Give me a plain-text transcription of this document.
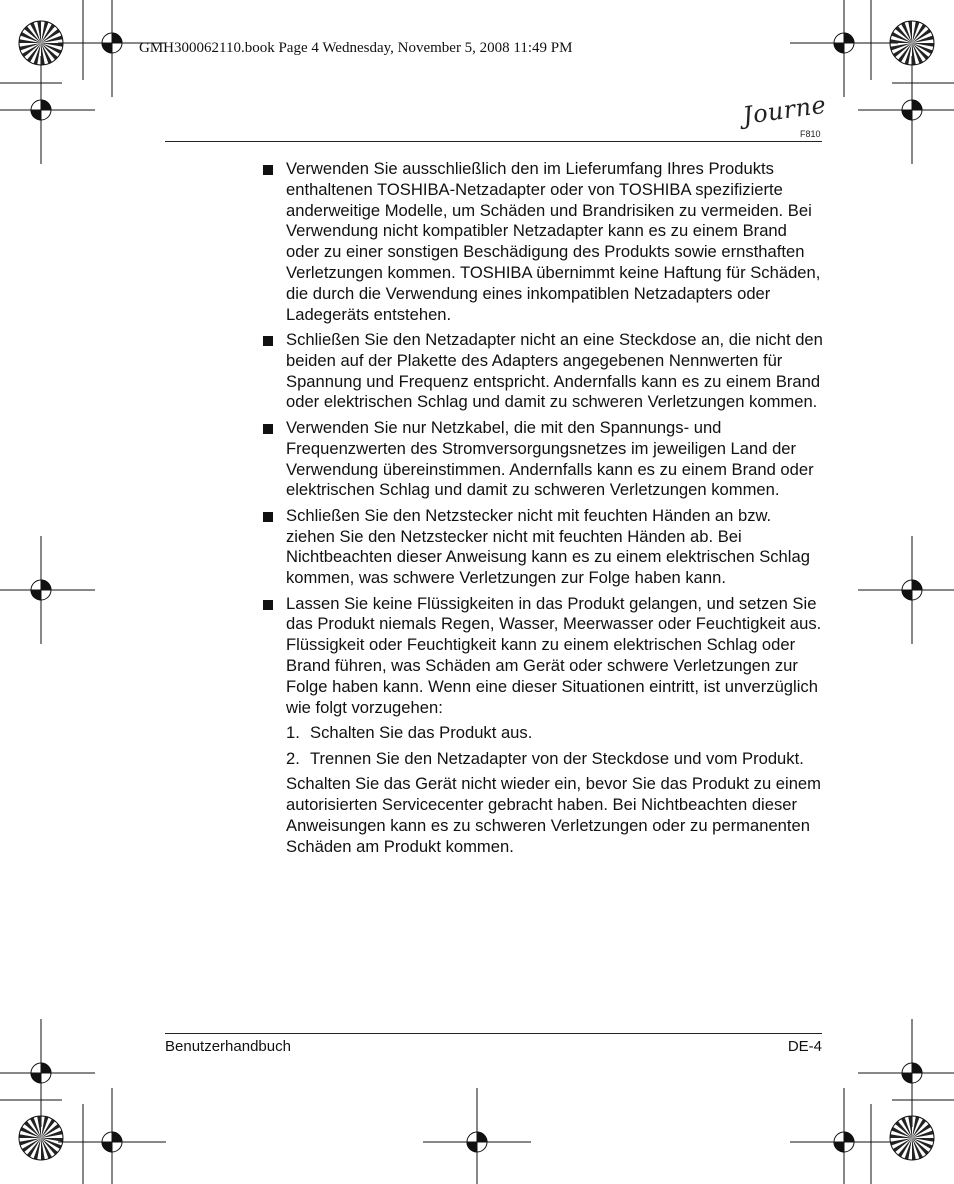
GMH300062110.book Page 4 Wednesday, November 5, 2008 11:49 PM
Journe
F810

Verwenden Sie ausschließlich den im Lieferumfang Ihres Produkts enthaltenen TOSHIBA-Netzadapter oder von TOSHIBA spezifizierte anderweitige Modelle, um Schäden und Brandrisiken zu vermeiden. Bei Verwendung nicht kompatibler Netzadapter kann es zu einem Brand oder zu einer sonstigen Beschädigung des Produkts sowie ernsthaften Verletzungen kommen. TOSHIBA übernimmt keine Haftung für Schäden, die durch die Verwendung eines inkompatiblen Netzadapters oder Ladegeräts entstehen.

Schließen Sie den Netzadapter nicht an eine Steckdose an, die nicht den beiden auf der Plakette des Adapters angegebenen Nennwerten für Spannung und Frequenz entspricht. Andernfalls kann es zu einem Brand oder elektrischen Schlag und damit zu schweren Verletzungen kommen.

Verwenden Sie nur Netzkabel, die mit den Spannungs- und Frequenzwerten des Stromversorgungsnetzes im jeweiligen Land der Verwendung übereinstimmen. Andernfalls kann es zu einem Brand oder elektrischen Schlag und damit zu schweren Verletzungen kommen.

Schließen Sie den Netzstecker nicht mit feuchten Händen an bzw. ziehen Sie den Netzstecker nicht mit feuchten Händen ab. Bei Nichtbeachten dieser Anweisung kann es zu einem elektrischen Schlag kommen, was schwere Verletzungen zur Folge haben kann.

Lassen Sie keine Flüssigkeiten in das Produkt gelangen, und setzen Sie das Produkt niemals Regen, Wasser, Meerwasser oder Feuchtigkeit aus. Flüssigkeit oder Feuchtigkeit kann zu einem elektrischen Schlag oder Brand führen, was Schäden am Gerät oder schwere Verletzungen zur Folge haben kann. Wenn eine dieser Situationen eintritt, ist unverzüglich wie folgt vorzugehen:

1. Schalten Sie das Produkt aus.
2. Trennen Sie den Netzadapter von der Steckdose und vom Produkt.

Schalten Sie das Gerät nicht wieder ein, bevor Sie das Produkt zu einem autorisierten Servicecenter gebracht haben. Bei Nichtbeachten dieser Anweisungen kann es zu schweren Verletzungen oder zu permanenten Schäden am Produkt kommen.

Benutzerhandbuch	DE-4
